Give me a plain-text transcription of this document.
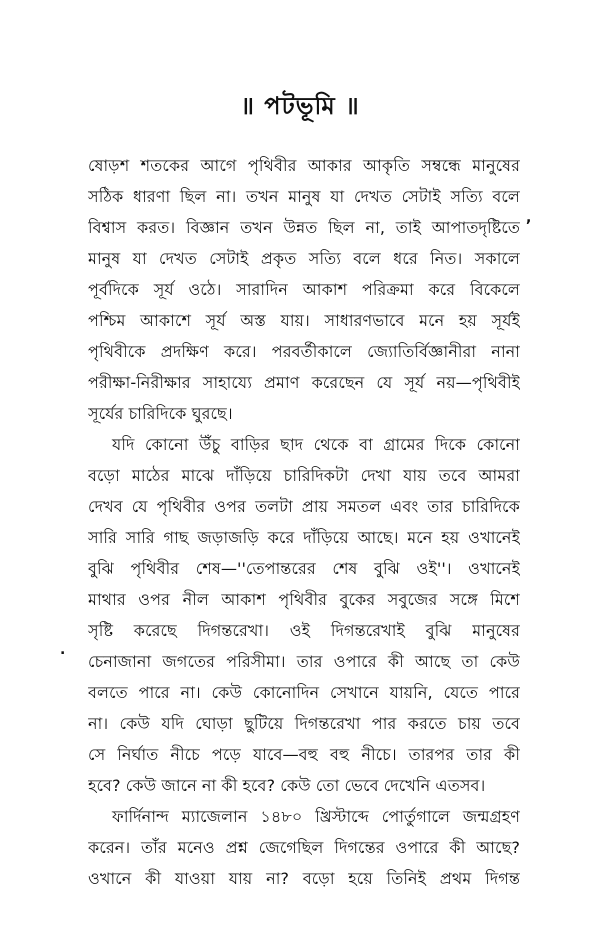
॥ পটভূমি ॥
ষোড়শ শতকের আগে পৃথিবীর আকার আকৃতি সম্বন্ধে মানুষের
সঠিক ধারণা ছিল না। তখন মানুষ যা দেখত সেটাই সত্যি বলে
বিশ্বাস করত। বিজ্ঞান তখন উন্নত ছিল না, তাই আপাতদৃষ্টিতে
মানুষ যা দেখত সেটাই প্রকৃত সত্যি বলে ধরে নিত। সকালে
পূর্বদিকে সূর্য ওঠে। সারাদিন আকাশ পরিক্রমা করে বিকেলে
পশ্চিম আকাশে সূর্য অস্ত যায়। সাধারণভাবে মনে হয় সূর্যই
পৃথিবীকে প্রদক্ষিণ করে। পরবর্তীকালে জ্যোতির্বিজ্ঞানীরা নানা
পরীক্ষা-নিরীক্ষার সাহায্যে প্রমাণ করেছেন যে সূর্য নয়—পৃথিবীই
সূর্যের চারিদিকে ঘুরছে।
যদি কোনো উঁচু বাড়ির ছাদ থেকে বা গ্রামের দিকে কোনো
বড়ো মাঠের মাঝে দাঁড়িয়ে চারিদিকটা দেখা যায় তবে আমরা
দেখব যে পৃথিবীর ওপর তলটা প্রায় সমতল এবং তার চারিদিকে
সারি সারি গাছ জড়াজড়ি করে দাঁড়িয়ে আছে। মনে হয় ওখানেই
বুঝি পৃথিবীর শেষ—''তেপান্তরের শেষ বুঝি ওই''। ওখানেই
মাথার ওপর নীল আকাশ পৃথিবীর বুকের সবুজের সঙ্গে মিশে
সৃষ্টি করেছে দিগন্তরেখা। ওই দিগন্তরেখাই বুঝি মানুষের
চেনাজানা জগতের পরিসীমা। তার ওপারে কী আছে তা কেউ
বলতে পারে না। কেউ কোনোদিন সেখানে যায়নি, যেতে পারে
না। কেউ যদি ঘোড়া ছুটিয়ে দিগন্তরেখা পার করতে চায় তবে
সে নির্ঘাত নীচে পড়ে যাবে—বহু বহু নীচে। তারপর তার কী
হবে? কেউ জানে না কী হবে? কেউ তো ভেবে দেখেনি এতসব।
ফার্দিনান্দ ম্যাজেলান ১৪৮০ খ্রিস্টাব্দে পোর্তুগালে জন্মগ্রহণ
করেন। তাঁর মনেও প্রশ্ন জেগেছিল দিগন্তের ওপারে কী আছে?
ওখানে কী যাওয়া যায় না? বড়ো হয়ে তিনিই প্রথম দিগন্ত
,
.
